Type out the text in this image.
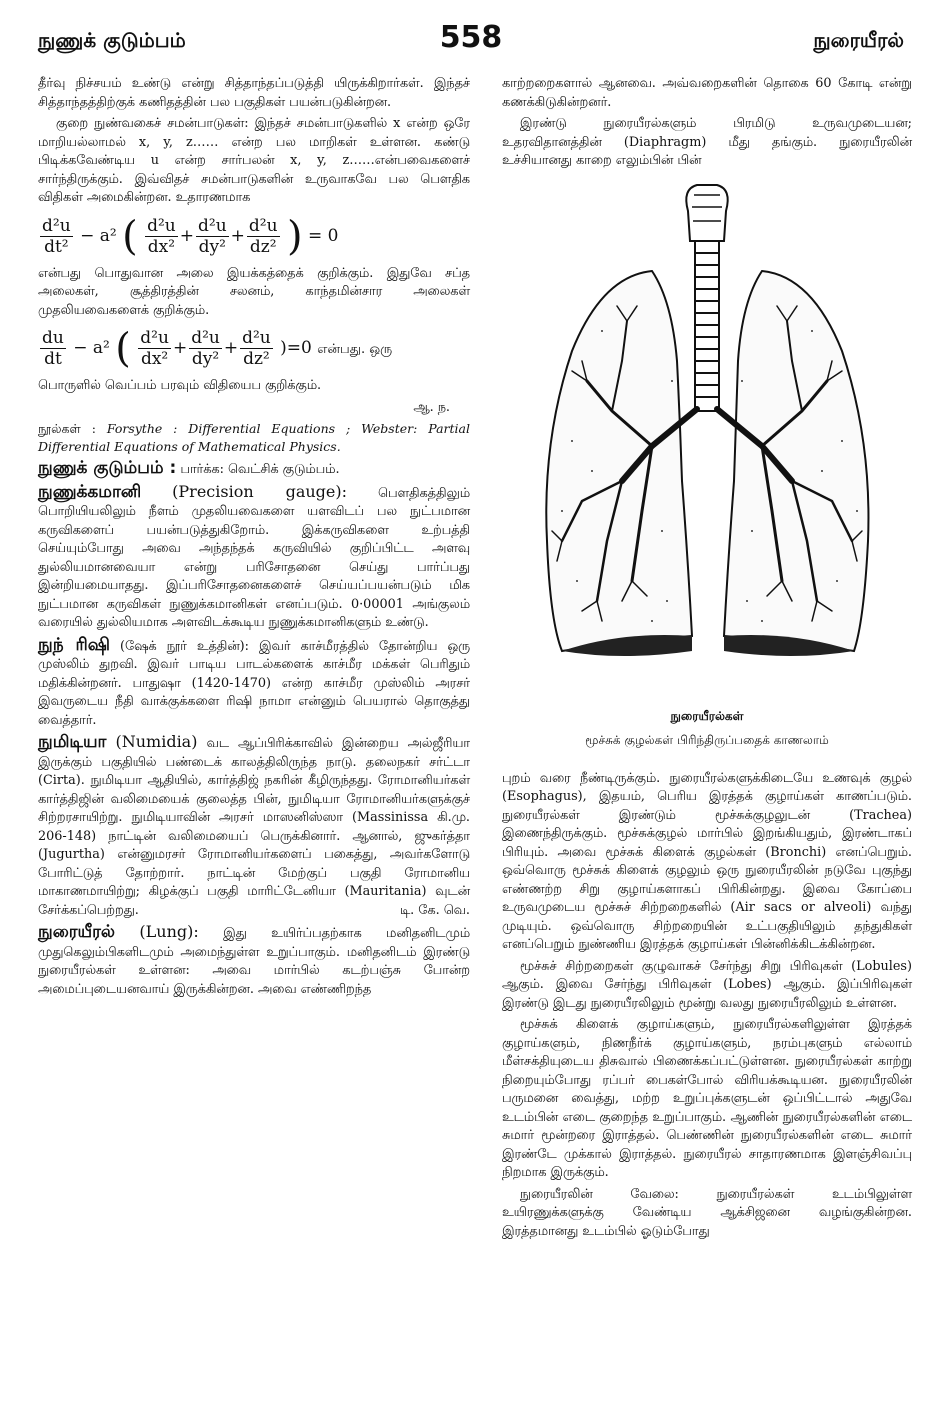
நுணுக் குடும்பம்	558	நுரையீரல்

தீர்வு நிச்சயம் உண்டு என்று சித்தாந்தப்படுத்தி யிருக்கிறார்கள். இந்தச் சித்தாந்தத்திற்குக் கணிதத்தின் பல பகுதிகள் பயன்படுகின்றன.

குறை நுண்வகைச் சமன்பாடுகள்: இந்தச் சமன்பாடுகளில் x என்ற ஒரே மாறியல்லாமல் x, y, z…… என்ற பல மாறிகள் உள்ளன. கண்டு பிடிக்கவேண்டிய u என்ற சார்பலன் x, y, z……என்பவைகளைச் சார்ந்திருக்கும். இவ்விதச் சமன்பாடுகளின் உருவாகவே பல பௌதிக விதிகள் அமைகின்றன. உதாரணமாக

$\frac{\text{d²u}}{\text{dt²}} - a^2$ ( $\frac{\text{d²u}}{\text{dx²}} + \frac{\text{d²u}}{\text{dy²}} + \frac{\text{d²u}}{\text{dz²}}$ ) = 0

என்பது பொதுவான அலை இயக்கத்தைக் குறிக்கும். இதுவே சப்த அலைகள், சூத்திரத்தின் சலனம், காந்தமின்சார அலைகள் முதலியவைகளைக் குறிக்கும்.

$\frac{du}{dt} - a^2$ ( $\frac{\text{d²u}}{\text{dx²}} + \frac{\text{d²u}}{\text{dy²}} + \frac{\text{d²u}}{\text{dz²}} )=0$ என்பது. ஒரு

பொருளில் வெப்பம் பரவும் விதியைப குறிக்கும்.

ஆ. ந.

நூல்கள் : Forsythe : Differential Equations ; Webster: Partial Differential Equations of Mathematical Physics.

நுணுக் குடும்பம் : பார்க்க: வெட்சிக் குடும்பம்.

நுணுக்கமானி (Precision gauge): பௌதிகத்திலும் பொறியியலிலும் நீளம் முதலியவைகளை யளவிடப் பல நுட்பமான கருவிகளைப் பயன்படுத்துகிறோம். இக்கருவிகளை உற்பத்தி செய்யும்போது அவை அந்தந்தக் கருவியில் குறிப்பிட்ட அளவு துல்லியமானவையா என்று பரிசோதனை செய்து பார்ப்பது இன்றியமையாதது. இப்பரிசோதனைகளைச் செய்யப்பயன்படும் மிக நுட்பமான கருவிகள் நுணுக்கமானிகள் எனப்படும். 0·00001 அங்குலம் வரையில் துல்லியமாக அளவிடக்கூடிய நுணுக்கமானிகளும் உண்டு.

நுந் ரிஷி (ஷேக் நூர் உத்தின்): இவர் காச்மீரத்தில் தோன்றிய ஒரு முஸ்லிம் துறவி. இவர் பாடிய பாடல்களைக் காச்மீர மக்கள் பெரிதும் மதிக்கின்றனர். பாதுஷா (1420-1470) என்ற காச்மீர முஸ்லிம் அரசர் இவருடைய நீதி வாக்குக்களை ரிஷி நாமா என்னும் பெயரால் தொகுத்து வைத்தார்.

நுமிடியா (Numidia) வட ஆப்பிரிக்காவில் இன்றைய அல்ஜீரியா இருக்கும் பகுதியில் பண்டைக் காலத்திலிருந்த நாடு. தலைநகர் சர்ட்டா (Cirta). நுமிடியா ஆதியில், கார்த்திஜ் நகரின் கீழிருந்தது. ரோமானியர்கள் கார்த்திஜின் வலிமையைக் குலைத்த பின், நுமிடியா ரோமானியர்களுக்குச் சிற்றரசாயிற்று. நுமிடியாவின் அரசர் மாஸனிஸ்ஸா (Massinissa கி.மு. 206-148) நாட்டின் வலிமையைப் பெருக்கினார். ஆனால், ஜுகர்த்தா (Jugurtha) என்னுமரசர் ரோமானியர்களைப் பகைத்து, அவர்களோடு போரிட்டுத் தோற்றார். நாட்டின் மேற்குப் பகுதி ரோமானிய மாகாணமாயிற்று; கிழக்குப் பகுதி மாரிட்டேனியா (Mauritania) வுடன் சேர்க்கப்பெற்றது.	டி. கே. வெ.

நுரையீரல் (Lung): இது உயிர்ப்பதற்காக மனிதனிடமும் முதுகெலும்பிகளிடமும் அமைந்துள்ள உறுப்பாகும். மனிதனிடம் இரண்டு நுரையீரல்கள் உள்ளன: அவை மார்பில் கடற்பஞ்சு போன்ற அமைப்புடையனவாய் இருக்கின்றன. அவை எண்ணிறந்த

காற்றறைகளால் ஆனவை. அவ்வறைகளின் தொகை 60 கோடி என்று கணக்கிடுகின்றனர்.

இரண்டு நுரையீரல்களும் பிரமிடு உருவமுடையன; உதரவிதானத்தின் (Diaphragm) மீது தங்கும். நுரையீரலின் உச்சியானது காறை எலும்பின் பின்

நுரையீரல்கள்
மூச்சுக் குழல்கள் பிரிந்திருப்பதைக் காணலாம்

புறம் வரை நீண்டிருக்கும். நுரையீரல்களுக்கிடையே உணவுக் குழல் (Esophagus), இதயம், பெரிய இரத்தக் குழாய்கள் காணப்படும். நுரையீரல்கள் இரண்டும் மூச்சுக்குழலுடன் (Trachea) இணைந்திருக்கும். மூச்சுக்குழல் மார்பில் இறங்கியதும், இரண்டாகப் பிரியும். அவை மூச்சுக் கிளைக் குழல்கள் (Bronchi) எனப்பெறும். ஒவ்வொரு மூச்சுக் கிளைக் குழலும் ஒரு நுரையீரலின் நடுவே புகுந்து எண்ணற்ற சிறு குழாய்களாகப் பிரிகின்றது. இவை கோப்பை உருவமுடைய மூச்சுச் சிற்றறைகளில் (Air sacs or alveoli) வந்து முடியும். ஒவ்வொரு சிற்றறையின் உட்பகுதியிலும் தந்துகிகள் எனப்பெறும் நுண்ணிய இரத்தக் குழாய்கள் பின்னிக்கிடக்கின்றன.

மூச்சுச் சிற்றறைகள் குழுவாகச் சேர்ந்து சிறு பிரிவுகள் (Lobules) ஆகும். இவை சேர்ந்து பிரிவுகள் (Lobes) ஆகும். இப்பிரிவுகள் இரண்டு இடது நுரையீரலிலும் மூன்று வலது நுரையீரலிலும் உள்ளன.

மூச்சுக் கிளைக் குழாய்களும், நுரையீரல்களிலுள்ள இரத்தக் குழாய்களும், நிணநீர்க் குழாய்களும், நரம்புகளும் எல்லாம் மீள்சக்தியுடைய திசுவால் பிணைக்கப்பட்டுள்ளன. நுரையீரல்கள் காற்று நிறையும்போது ரப்பர் பைகள்போல் விரியக்கூடியன. நுரையீரலின் பருமனை வைத்து, மற்ற உறுப்புக்களுடன் ஒப்பிட்டால் அதுவே உடம்பின் எடை குறைந்த உறுப்பாகும். ஆணின் நுரையீரல்களின் எடை சுமார் மூன்றரை இராத்தல். பெண்ணின் நுரையீரல்களின் எடை சுமார் இரண்டே முக்கால் இராத்தல். நுரையீரல் சாதாரணமாக இளஞ்சிவப்பு நிறமாக இருக்கும்.

நுரையீரலின் வேலை: நுரையீரல்கள் உடம்பிலுள்ள உயிரணுக்களுக்கு வேண்டிய ஆக்சிஜனை வழங்குகின்றன. இரத்தமானது உடம்பில் ஓடும்போது
